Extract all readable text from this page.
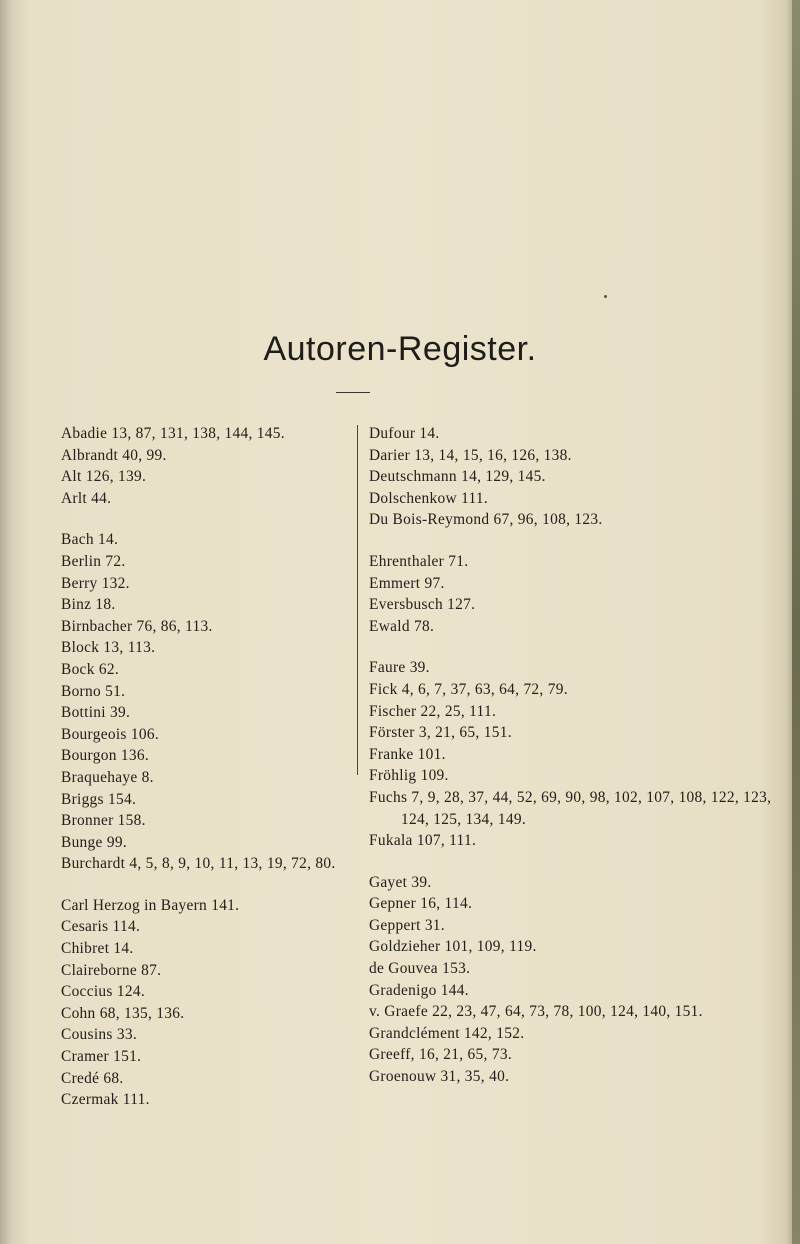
Autoren-Register.
Abadie 13, 87, 131, 138, 144, 145.
Albrandt 40, 99.
Alt 126, 139.
Arlt 44.
Bach 14.
Berlin 72.
Berry 132.
Binz 18.
Birnbacher 76, 86, 113.
Block 13, 113.
Bock 62.
Borno 51.
Bottini 39.
Bourgeois 106.
Bourgon 136.
Braquehaye 8.
Briggs 154.
Bronner 158.
Bunge 99.
Burchardt 4, 5, 8, 9, 10, 11, 13, 19, 72, 80.
Carl Herzog in Bayern 141.
Cesaris 114.
Chibret 14.
Claireborne 87.
Coccius 124.
Cohn 68, 135, 136.
Cousins 33.
Cramer 151.
Credé 68.
Czermak 111.
Dufour 14.
Darier 13, 14, 15, 16, 126, 138.
Deutschmann 14, 129, 145.
Dolschenkow 111.
Du Bois-Reymond 67, 96, 108, 123.
Ehrenthaler 71.
Emmert 97.
Eversbusch 127.
Ewald 78.
Faure 39.
Fick 4, 6, 7, 37, 63, 64, 72, 79.
Fischer 22, 25, 111.
Förster 3, 21, 65, 151.
Franke 101.
Fröhlig 109.
Fuchs 7, 9, 28, 37, 44, 52, 69, 90, 98, 102, 107, 108, 122, 123, 124, 125, 134, 149.
Fukala 107, 111.
Gayet 39.
Gepner 16, 114.
Geppert 31.
Goldzieher 101, 109, 119.
de Gouvea 153.
Gradenigo 144.
v. Graefe 22, 23, 47, 64, 73, 78, 100, 124, 140, 151.
Grandclément 142, 152.
Greeff, 16, 21, 65, 73.
Groenouw 31, 35, 40.
